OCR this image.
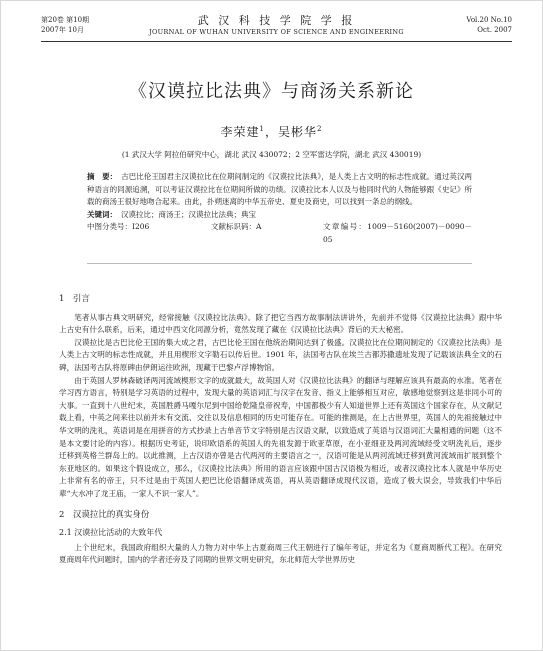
第20卷 第10期
2007年 10月
武 汉 科 技 学 院 学 报
JOURNAL OF WUHAN UNIVERSITY OF SCIENCE AND ENGINEERING
Vol.20 No.10
Oct. 2007
《汉谟拉比法典》与商汤关系新论
李荣建$^1$，吴彬华$^2$
(1 武汉大学 阿拉伯研究中心，湖北 武汉 430072；2 空军雷达学院，湖北 武汉 430019)
摘　要： 古巴比伦王国君主汉谟拉比在位期间制定的《汉谟拉比法典》，是人类上古文明的标志性成就。通过英汉两种语言的同源追溯，可以考证汉谟拉比在位期间所做的功绩。汉谟拉比本人以及与他同时代的人物能够跟《史记》所载的商汤王很好地吻合起来。由此，扑朔迷离的中华五帝史、夏史及商史，可以找到一条总的纲线。
关键词： 汉谟拉比；商汤王；汉谟拉比法典；典宝
中图分类号：I206	文献标识码：A	文章编号：1009－5160(2007)－0090－05
1　引言

笔者从事古典文明研究，经常接触《汉谟拉比法典》。除了把它当西方故事制法讲讲外，先前并不觉得《汉谟拉比法典》跟中华上古史有什么联系，后来，通过中西文化同源分析，竟然发现了藏在《汉谟拉比法典》背后的天大秘密。

汉谟拉比是古巴比伦王国的集大成之君，古巴比伦王国在他统治期间达到了极盛。汉谟拉比在位期间制定的《汉谟拉比法典》是人类上古文明的标志性成就，并且用楔形文字勒石以传后世。1901 年，法国考古队在埃兰古都苏撒遗址发现了记载该法典全文的石碑，法国考古队将原碑由伊朗运往欧洲，现藏于巴黎卢浮博物馆。

由于英国人罗林森破译两河流域楔形文字的成就最大，故英国人对《汉谟拉比法典》的翻译与理解应该具有最高的水准。笔者在学习西方语言，特别是学习英语的过程中，发现大量的英语词汇与汉字在发音、指义上能够相互对应，敏感地觉察到这是非同小可的大事。一直到十八世纪末，英国胜爵马嘎尔尼到中国给乾隆皇帝祝寿，中国都极少有人知道世界上还有英国这个国家存在，从文献记载上看，中英之间来往以前并未有交流、交往以及信息相同的历史可能存在。可能的推测是，在上古世界里，英国人的先祖接触过中华文明的洗礼，英语词是在用拼音的方式抄录上古单音节文字特别是古汉语文献，以致造成了英语与汉语词汇大量相通的问题（这不是本文要讨论的内容）。根据历史考证，说印欧语系的英国人的先祖发源于欧亚草原，在小亚细亚及两河流域经受文明洗礼后，逐步迁移到英格兰群岛上的。以此推测，上古汉语亦曾是古代两河的主要语言之一，汉语可能是从两河流域迁移到黄河流域而扩展到整个东亚地区的。如果这个假设成立，那么，《汉谟拉比法典》所用的语言应该跟中国古汉语极为相近，或者汉谟拉比本人就是中华历史上非常有名的帝王，只不过是由于英国人把巴比伦语翻译成英语，再从英语翻译成现代汉语，造成了极大误会，导致我们中华后辈“大水冲了龙王庙，一家人不识一家人”。

2　汉谟拉比的真实身份
2.1 汉谟拉比活动的大致年代

上个世纪末，我国政府组织大量的人力物力对中华上古夏商周三代王朝进行了编年考证，并定名为《夏商周断代工程》。在研究夏商周年代问题时，国内的学者还旁及了同期的世界文明史研究，东北师范大学世界历史
